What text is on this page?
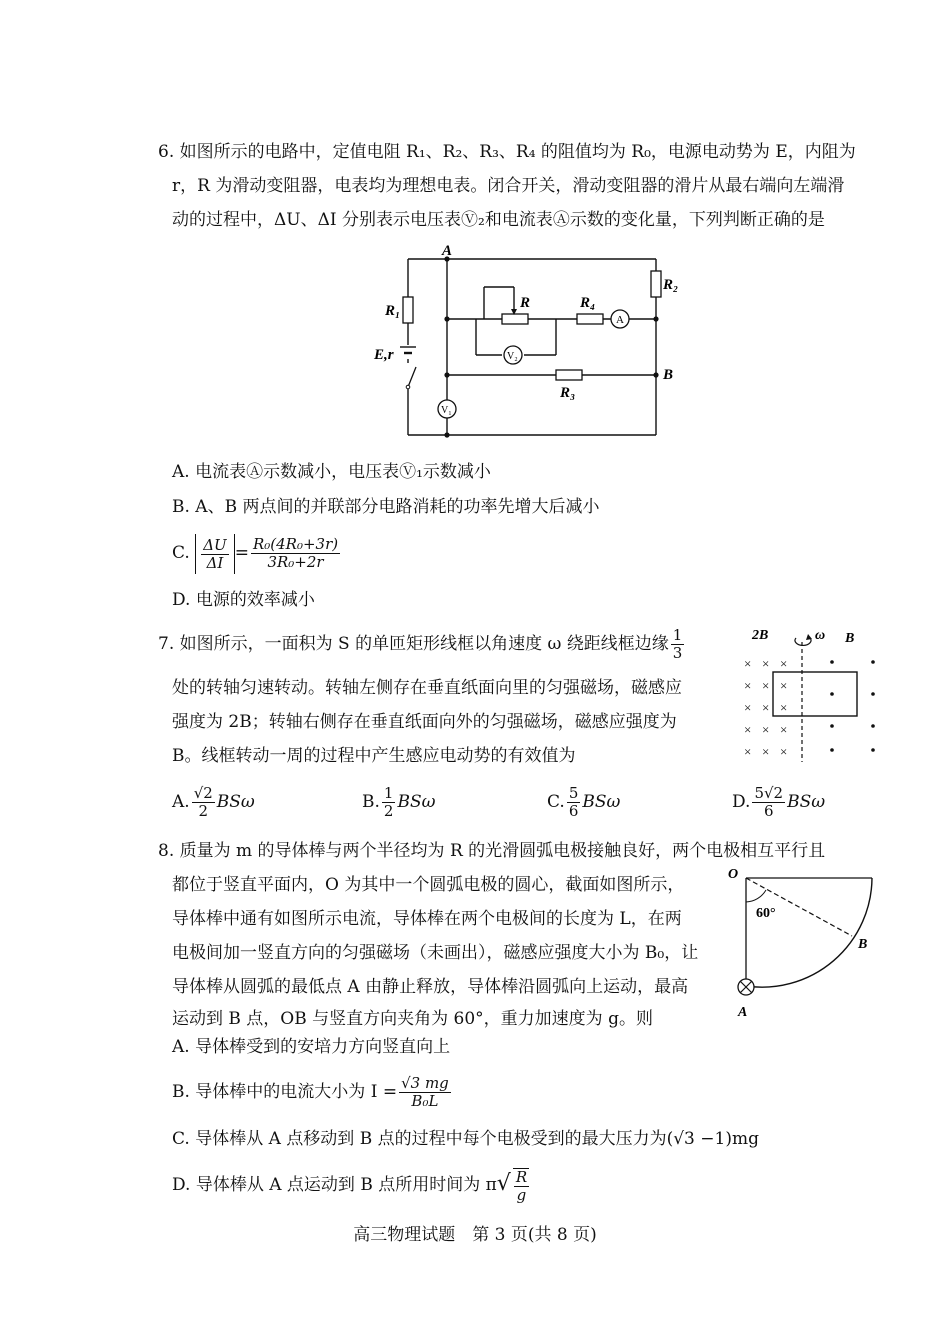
6. 如图所示的电路中，定值电阻 R₁、R₂、R₃、R₄ 的阻值均为 R₀，电源电动势为 E，内阻为
r，R 为滑动变阻器，电表均为理想电表。闭合开关，滑动变阻器的滑片从最右端向左端滑
动的过程中，ΔU、ΔI 分别表示电压表Ⓥ₂和电流表Ⓐ示数的变化量，下列判断正确的是
A
B
R₁
R₂
R₃
R₄
R
E,r
A
V₂
V₁
A. 电流表Ⓐ示数减小，电压表Ⓥ₁示数减小
B. A、B 两点间的并联部分电路消耗的功率先增大后减小
C. $\frac{\Delta U}{\Delta I} = \frac{\text{R₀(4R₀+3r)}}{\text{3R₀+2r}}$
D. 电源的效率减小
7. 如图所示，一面积为 S 的单匝矩形线框以角速度 ω 绕距线框边缘 $\frac{1}{3}$
处的转轴匀速转动。转轴左侧存在垂直纸面向里的匀强磁场，磁感应
强度为 2B；转轴右侧存在垂直纸面向外的匀强磁场，磁感应强度为
B。线框转动一周的过程中产生感应电动势的有效值为
2B	ω B
× × ×
× × ×
× × ×
× × ×
× × ×
A. $\frac{√2}{2}$ BSω	B. $\frac{1}{2}$ BSω	C. $\frac{5}{6}$ BSω	D. $\frac{5√2}{6}$ BSω
8. 质量为 m 的导体棒与两个半径均为 R 的光滑圆弧电极接触良好，两个电极相互平行且
都位于竖直平面内，O 为其中一个圆弧电极的圆心，截面如图所示，
导体棒中通有如图所示电流，导体棒在两个电极间的长度为 L，在两
电极间加一竖直方向的匀强磁场（未画出），磁感应强度大小为 B₀，让
导体棒从圆弧的最低点 A 由静止释放，导体棒沿圆弧向上运动，最高
运动到 B 点，OB 与竖直方向夹角为 60°，重力加速度为 g。则
O
60°
B
A
A. 导体棒受到的安培力方向竖直向上
B. 导体棒中的电流大小为 $I = \frac{√3 mg}{\text{B₀L}}$
C. 导体棒从 A 点移动到 B 点的过程中每个电极受到的最大压力为(√3 −1)mg
D. 导体棒从 A 点运动到 B 点所用时间为 $\pi√ \frac{R}{g}$
高三物理试题　第 3 页(共 8 页)
